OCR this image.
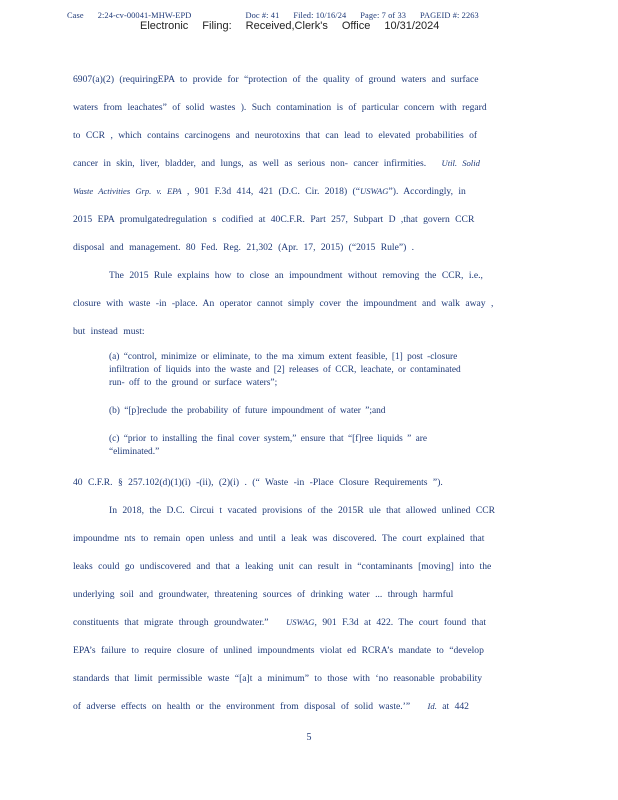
Case 2:24-cv-00041-MHW-EPD	Doc #: 41 Filed: 10/16/24 Page: 7 of 33 PAGEID #: 2263
Electronic Filing: Received,Clerk's Office 10/31/2024
6907(a)(2) (requiringEPA to provide for “protection of the quality of ground waters and surface
waters from leachates” of solid wastes ). Such contamination is of particular concern with regard
to CCR , which contains carcinogens and neurotoxins that can lead to elevated probabilities of
cancer in skin, liver, bladder, and lungs, as well as serious non- cancer infirmities. Util. Solid
Waste Activities Grp. v. EPA , 901 F.3d 414, 421 (D.C. Cir. 2018) (“USWAG”). Accordingly, in
2015 EPA promulgatedregulation s codified at 40C.F.R. Part 257, Subpart D ,that govern CCR
disposal and management. 80 Fed. Reg. 21,302 (Apr. 17, 2015) (“2015 Rule”) .
The 2015 Rule explains how to close an impoundment without removing the CCR, i.e.,
closure with waste -in -place. An operator cannot simply cover the impoundment and walk away ,
but instead must:
(a) “control, minimize or eliminate, to the ma ximum extent feasible, [1] post -closure
infiltration of liquids into the waste and [2] releases of CCR, leachate, or contaminated
run- off to the ground or surface waters”;
(b) “[p]reclude the probability of future impoundment of water ”;and
(c) “prior to installing the final cover system,” ensure that “[f]ree liquids ” are
“eliminated.”
40 C.F.R. § 257.102(d)(1)(i) -(ii), (2)(i) . (“ Waste -in -Place Closure Requirements ”).
In 2018, the D.C. Circui t vacated provisions of the 2015R ule that allowed unlined CCR
impoundme nts to remain open unless and until a leak was discovered. The court explained that
leaks could go undiscovered and that a leaking unit can result in “contaminants [moving] into the
underlying soil and groundwater, threatening sources of drinking water ... through harmful
constituents that migrate through groundwater.” USWAG, 901 F.3d at 422. The court found that
EPA’s failure to require closure of unlined impoundments violat ed RCRA’s mandate to “develop
standards that limit permissible waste “[a]t a minimum” to those with ‘no reasonable probability
of adverse effects on health or the environment from disposal of solid waste.’” Id. at 442
5
